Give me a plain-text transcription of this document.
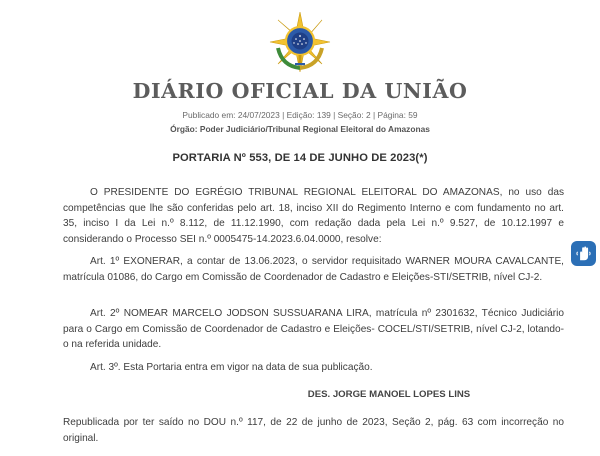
DIÁRIO OFICIAL DA UNIÃO
Publicado em: 24/07/2023 | Edição: 139 | Seção: 2 | Página: 59
Órgão: Poder Judiciário/Tribunal Regional Eleitoral do Amazonas
PORTARIA Nº 553, DE 14 DE JUNHO DE 2023(*)

O PRESIDENTE DO EGRÉGIO TRIBUNAL REGIONAL ELEITORAL DO AMAZONAS, no uso das competências que lhe são conferidas pelo art. 18, inciso XII do Regimento Interno e com fundamento no art. 35, inciso I da Lei n.º 8.112, de 11.12.1990, com redação dada pela Lei n.º 9.527, de 10.12.1997 e considerando o Processo SEI n.º 0005475-14.2023.6.04.0000, resolve:

Art. 1º EXONERAR, a contar de 13.06.2023, o servidor requisitado WARNER MOURA CAVALCANTE, matrícula 01086, do Cargo em Comissão de Coordenador de Cadastro e Eleições-STI/SETRIB, nível CJ-2.

Art. 2º NOMEAR MARCELO JODSON SUSSUARANA LIRA, matrícula nº 2301632, Técnico Judiciário para o Cargo em Comissão de Coordenador de Cadastro e Eleições- COCEL/STI/SETRIB, nível CJ-2, lotando-o na referida unidade.

Art. 3º. Esta Portaria entra em vigor na data de sua publicação.

DES. JORGE MANOEL LOPES LINS

Republicada por ter saído no DOU n.º 117, de 22 de junho de 2023, Seção 2, pág. 63 com incorreção no original.
